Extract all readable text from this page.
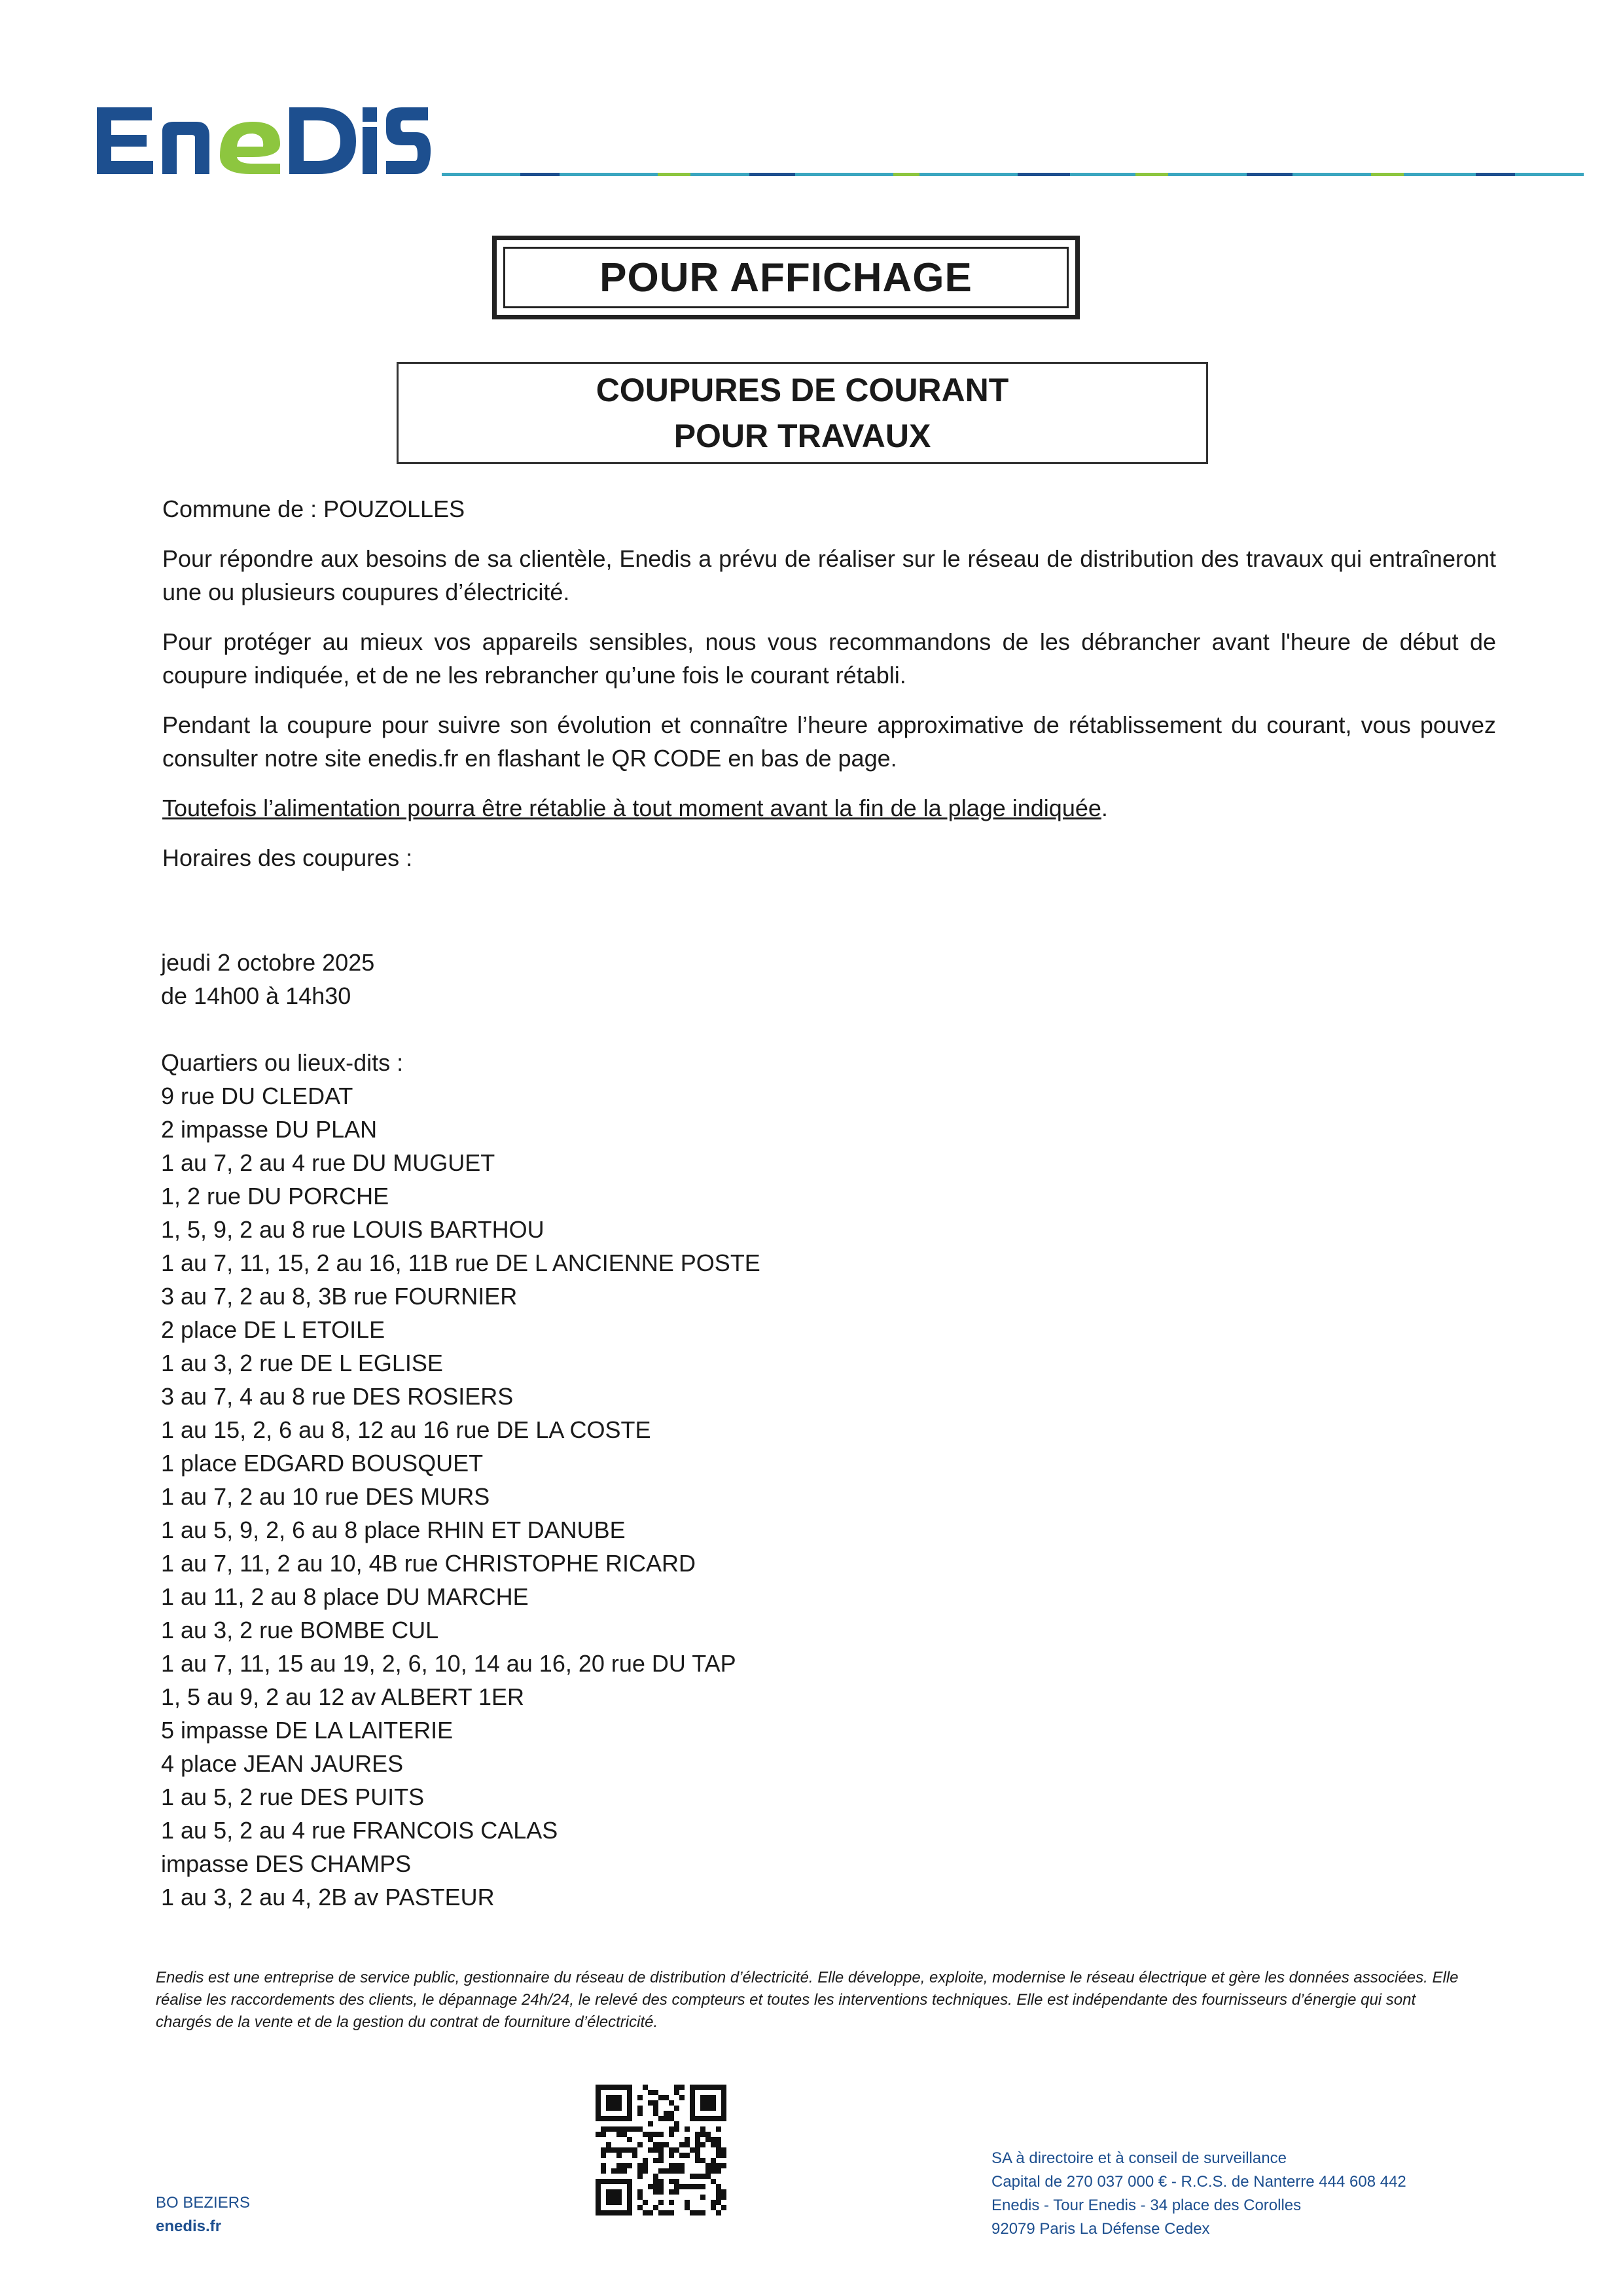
ENEDIS
POUR AFFICHAGE
COUPURES DE COURANT
POUR TRAVAUX

Commune de : POUZOLLES

Pour répondre aux besoins de sa clientèle, Enedis a prévu de réaliser sur le réseau de distribution des travaux qui entraîneront une ou plusieurs coupures d’électricité.

Pour protéger au mieux vos appareils sensibles, nous vous recommandons de les débrancher avant l'heure de début de coupure indiquée, et de ne les rebrancher qu’une fois le courant rétabli.

Pendant la coupure pour suivre son évolution et connaître l’heure approximative de rétablissement du courant, vous pouvez consulter notre site enedis.fr en flashant le QR CODE en bas de page.

Toutefois l’alimentation pourra être rétablie à tout moment avant la fin de la plage indiquée.

Horaires des coupures :

jeudi 2 octobre 2025
de 14h00 à 14h30
Quartiers ou lieux-dits :
9 rue DU CLEDAT
2 impasse DU PLAN
1 au 7, 2 au 4 rue DU MUGUET
1, 2 rue DU PORCHE
1, 5, 9, 2 au 8 rue LOUIS BARTHOU
1 au 7, 11, 15, 2 au 16, 11B rue DE L ANCIENNE POSTE
3 au 7, 2 au 8, 3B rue FOURNIER
2 place DE L ETOILE
1 au 3, 2 rue DE L EGLISE
3 au 7, 4 au 8 rue DES ROSIERS
1 au 15, 2, 6 au 8, 12 au 16 rue DE LA COSTE
1 place EDGARD BOUSQUET
1 au 7, 2 au 10 rue DES MURS
1 au 5, 9, 2, 6 au 8 place RHIN ET DANUBE
1 au 7, 11, 2 au 10, 4B rue CHRISTOPHE RICARD
1 au 11, 2 au 8 place DU MARCHE
1 au 3, 2 rue BOMBE CUL
1 au 7, 11, 15 au 19, 2, 6, 10, 14 au 16, 20 rue DU TAP
1, 5 au 9, 2 au 12 av ALBERT 1ER
5 impasse DE LA LAITERIE
4 place JEAN JAURES
1 au 5, 2 rue DES PUITS
1 au 5, 2 au 4 rue FRANCOIS CALAS
impasse DES CHAMPS
1 au 3, 2 au 4, 2B av PASTEUR
Enedis est une entreprise de service public, gestionnaire du réseau de distribution d’électricité. Elle développe, exploite, modernise le réseau électrique et gère les données associées. Elle réalise les raccordements des clients, le dépannage 24h/24, le relevé des compteurs et toutes les interventions techniques. Elle est indépendante des fournisseurs d’énergie qui sont chargés de la vente et de la gestion du contrat de fourniture d’électricité.
BO BEZIERS
enedis.fr
SA à directoire et à conseil de surveillance
Capital de 270 037 000 € - R.C.S. de Nanterre 444 608 442
Enedis - Tour Enedis - 34 place des Corolles
92079 Paris La Défense Cedex
